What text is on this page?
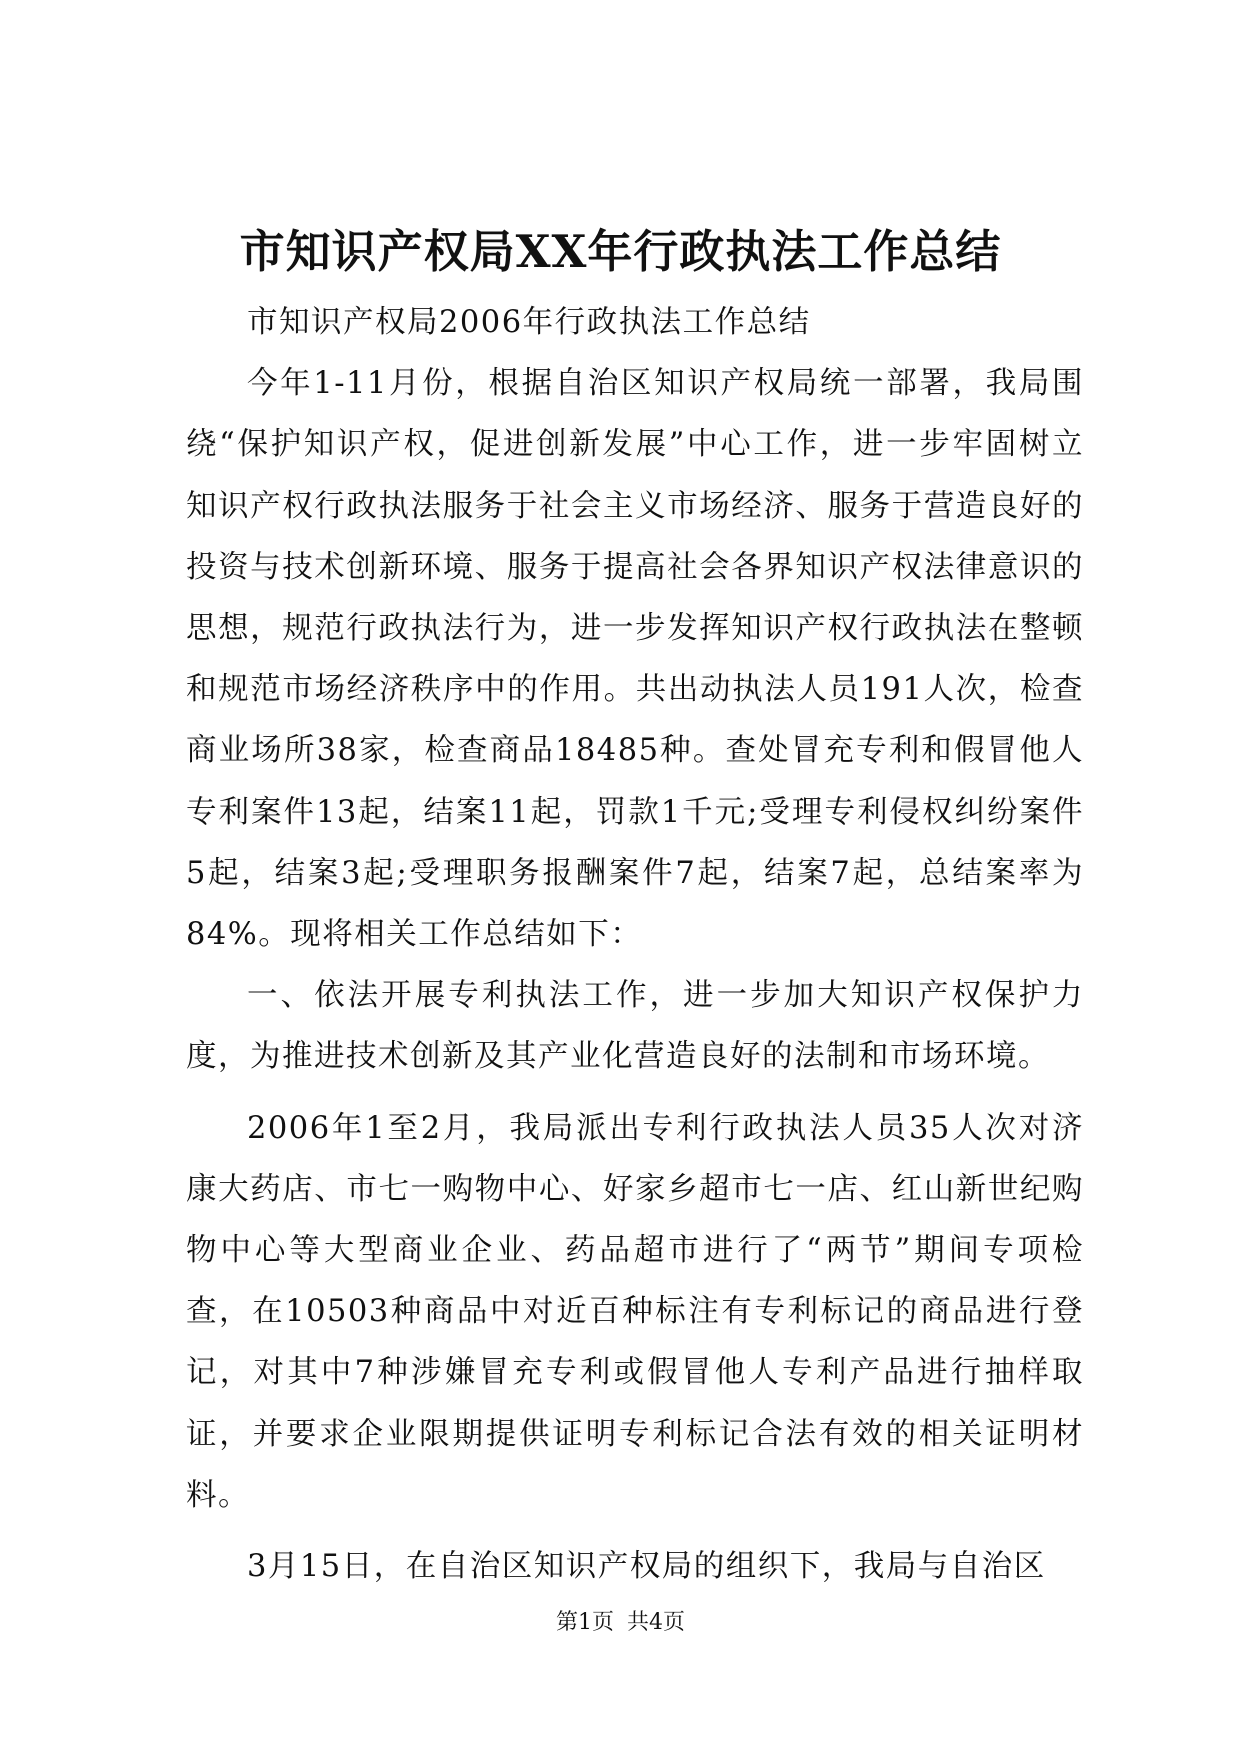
市知识产权局XX年行政执法工作总结

市知识产权局2006年行政执法工作总结

今年1-11月份，根据自治区知识产权局统一部署，我局围绕“保护知识产权，促进创新发展”中心工作，进一步牢固树立知识产权行政执法服务于社会主义市场经济、服务于营造良好的投资与技术创新环境、服务于提高社会各界知识产权法律意识的思想，规范行政执法行为，进一步发挥知识产权行政执法在整顿和规范市场经济秩序中的作用。共出动执法人员191人次，检查商业场所38家，检查商品18485种。查处冒充专利和假冒他人专利案件13起，结案11起，罚款1千元;受理专利侵权纠纷案件5起，结案3起;受理职务报酬案件7起，结案7起，总结案率为84%。现将相关工作总结如下：

一、依法开展专利执法工作，进一步加大知识产权保护力度，为推进技术创新及其产业化营造良好的法制和市场环境。

2006年1至2月，我局派出专利行政执法人员35人次对济康大药店、市七一购物中心、好家乡超市七一店、红山新世纪购物中心等大型商业企业、药品超市进行了“两节”期间专项检查，在10503种商品中对近百种标注有专利标记的商品进行登记，对其中7种涉嫌冒充专利或假冒他人专利产品进行抽样取证，并要求企业限期提供证明专利标记合法有效的相关证明材料。

3月15日，在自治区知识产权局的组织下，我局与自治区

第1页 共4页
